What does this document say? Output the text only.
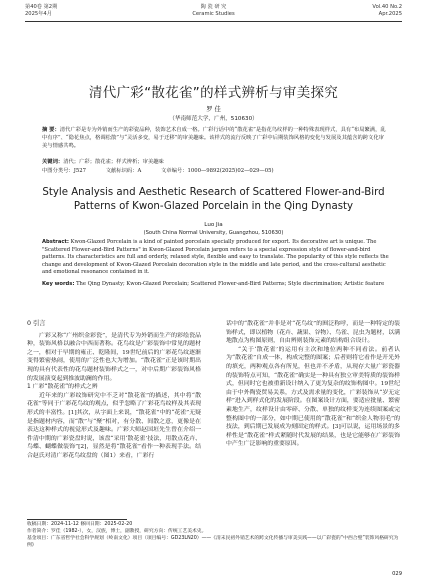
第40卷 第2期
2025年4月
陶 瓷 研 究
Ceramic Studies
Vol.40 No.2
Apr.2025
清代广彩“散花雀”的样式辨析与审美探究
罗 佳
（华南师范大学，广州，510630）
摘 要：清代广彩是专为外销而生产的彩瓷品种，装饰艺术自成一格。广彩行话中的“散花雀”是指花鸟纹样的一种特殊表现样式，具有“布局繁满，乱中有序”、“隐花焦点，格调松散”与“灵活多变，易于迁移”的审美趣味。该样式的流行反映了广彩中后期装饰风格的变化与发展及其蕴含的跨文化审美与情感共鸣。
关键词：清代；广彩；散花雀；样式辨析；审美趣味
中图分类号：J527	文献标识码：A	文章编号：1000—9892(2025)02—029—05)
Style Analysis and Aesthetic Research of Scattered Flower-and-Bird Patterns of Kwon-Glazed Porcelain in the Qing Dynasty
Luo Jia
(South China Normal University, Guangzhou, 510630)
Abstract: Kwon-Glazed Porcelain is a kind of painted porcelain specially produced for export. Its decorative art is unique. The "Scattered Flower-and-Bird Patterns" in Kwon-Glazed Porcelain jargon refers to a special expression style of flower-and-bird patterns. Its characteristics are full and orderly, relaxed style, flexible and easy to translate. The popularity of this style reflects the change and development of Kwon-Glazed Porcelain decoration style in the middle and late period, and the cross-cultural aesthetic and emotional resonance contained in it.
Key words: The Qing Dynasty; Kwon-Glazed Porcelain; Scattered Flower-and-Bird Patterns; Style discrimination; Artistic feature
0 引言

广彩又称“广州织金彩瓷”，是清代专为外销而生产的彩绘瓷品种，装饰风格以融合中西而著称。花鸟纹是广彩装饰中常见的题材之一，相对于早期的雍正、乾隆间，19世纪前后的广彩花鸟纹逐渐变得繁密热闹，使用的广泛性也大为增加。“散花雀”正是该时期出现的具有代表性的花鸟题材装饰样式之一，对中后期广彩装饰风格的发展演变起到推波助澜的作用。

1 广彩“散花雀”的样式之辨

近年来的广彩纹饰研究中不乏对“散花雀”的描述，其中将“散花雀”等同于广彩花鸟纹的观点，似乎忽略了广彩花鸟纹样及其表现形式的丰富性。[1]其次，从字面上来说，“散花雀”中的“花雀”无疑是指题材内容，而“散”与“聚”相对，有分散、间散之意，更像是在表达这种样式的视觉形式及趣味。广彩大师赵国垣先生曾在介绍一件清中期的广彩瓷盘时说，该盘“采用‘散花雀’技法，用散点花卉、鸟蝶、蝴蝶做装饰”[2]，显然是将“散花雀”看作一种表现手法。结合赵氏对清广彩花鸟纹盘的（图1）来看，广彩行

话中的“散花雀”并非是对“花鸟纹”的囿泛称呼，而是一种特定的装饰样式，即以植物（花卉、蔬果、谷物）、鸟雀、昆虫为题材，以满地散点为构图原则，自由辨则装饰元素的结构组合设计。

“关于‘散花雀’的运用有主次和地位两种不同看法。前者认为“散花雀”自成一体，构成完整的图案；后者则将它看作是开光外的填充，两种观点各有所见，但也并不矛盾，从现存大量广彩瓷器的装饰特点可知，“散花雀”确实是一种具有独立审美特质的装饰样式，但同时它也被重新设计纳入了更为复杂的纹饰构图中。19世纪由于中外陶瓷贸易关系，方式及需求量的变化，广彩装饰从“岁无定样”进入到样式化的发展阶段。在图案设计方面，要适应批量、繁密素地生产，纹样设计由零碎、分散、单独的纹样变为连续图案或完整构图中的一部分，如中期已使用的“散花雀”和“织金人物羽毛”的技法，到后期已发展成为刻固定的样式。[3]可以说，运用场景的多样性是“散花雀”样式紧随时代发展的结果，也是它能够在广彩装饰中产生广泛影响的重要原因。

收稿日期：2024-11-12 修回日期：2025-02-20
作者简介：罗佳（1982-），女，汉族，博士，副教授，研究方向：传统工艺美术史。
基金项目：广东省哲学社会科学规划（岭南文化）项目（项目编号：GD23LN20）——《清末民初外销艺术的跨文化传播与审美实践——以广彩瓷的“中西合璧”装饰风格研究为例》
029
